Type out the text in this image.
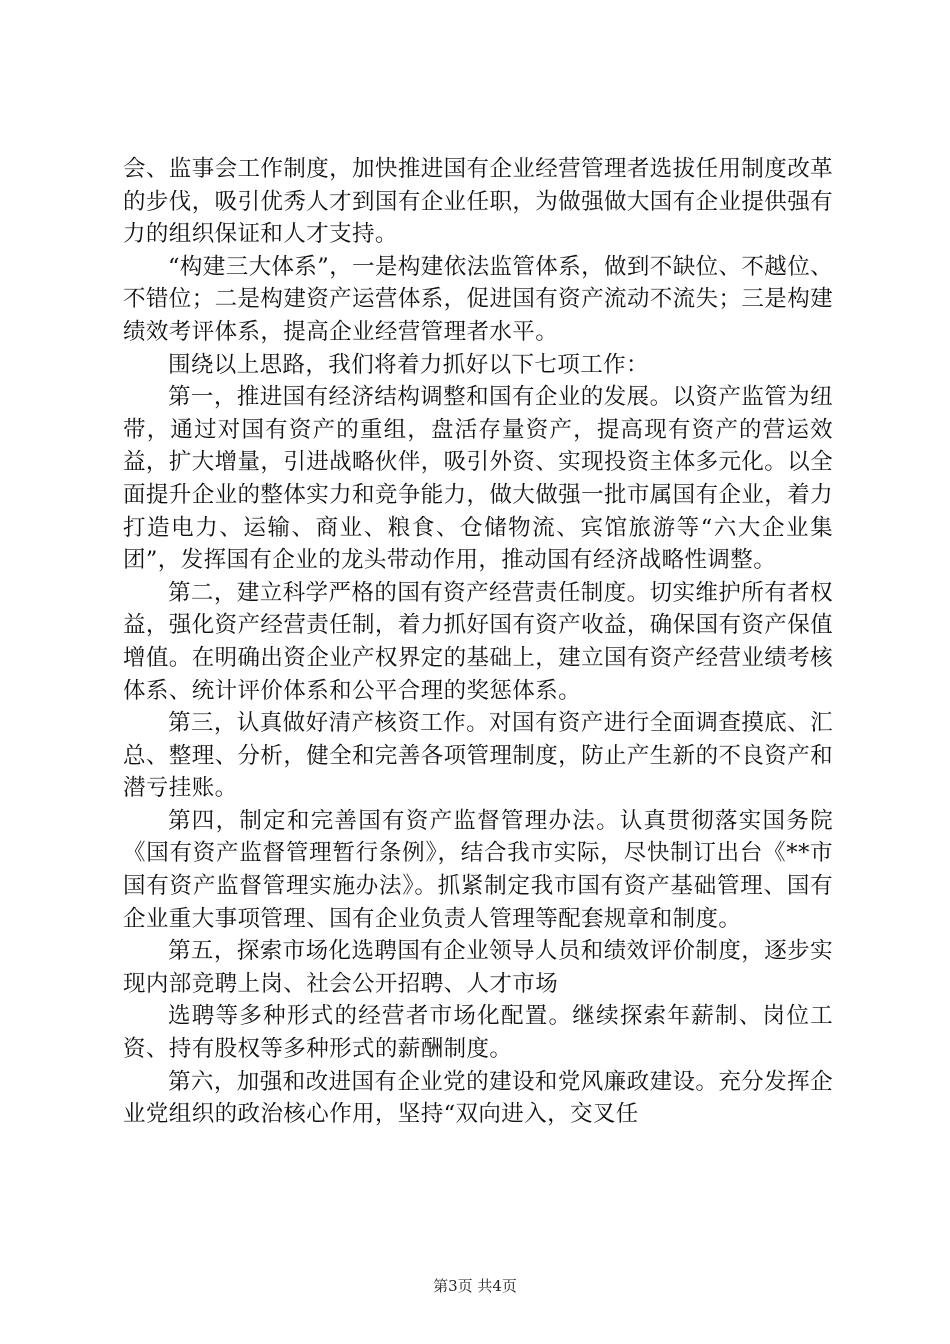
会、监事会工作制度，加快推进国有企业经营管理者选拔任用制度改革的步伐，吸引优秀人才到国有企业任职，为做强做大国有企业提供强有力的组织保证和人才支持。

“构建三大体系”，一是构建依法监管体系，做到不缺位、不越位、不错位；二是构建资产运营体系，促进国有资产流动不流失；三是构建绩效考评体系，提高企业经营管理者水平。

围绕以上思路，我们将着力抓好以下七项工作：

第一，推进国有经济结构调整和国有企业的发展。以资产监管为纽带，通过对国有资产的重组，盘活存量资产，提高现有资产的营运效益，扩大增量，引进战略伙伴，吸引外资、实现投资主体多元化。以全面提升企业的整体实力和竞争能力，做大做强一批市属国有企业，着力打造电力、运输、商业、粮食、仓储物流、宾馆旅游等“六大企业集团”，发挥国有企业的龙头带动作用，推动国有经济战略性调整。

第二，建立科学严格的国有资产经营责任制度。切实维护所有者权益，强化资产经营责任制，着力抓好国有资产收益，确保国有资产保值增值。在明确出资企业产权界定的基础上，建立国有资产经营业绩考核体系、统计评价体系和公平合理的奖惩体系。

第三，认真做好清产核资工作。对国有资产进行全面调查摸底、汇总、整理、分析，健全和完善各项管理制度，防止产生新的不良资产和潜亏挂账。

第四，制定和完善国有资产监督管理办法。认真贯彻落实国务院《国有资产监督管理暂行条例》，结合我市实际，尽快制订出台《**市国有资产监督管理实施办法》。抓紧制定我市国有资产基础管理、国有企业重大事项管理、国有企业负责人管理等配套规章和制度。

第五，探索市场化选聘国有企业领导人员和绩效评价制度，逐步实现内部竞聘上岗、社会公开招聘、人才市场

选聘等多种形式的经营者市场化配置。继续探索年薪制、岗位工资、持有股权等多种形式的薪酬制度。

第六，加强和改进国有企业党的建设和党风廉政建设。充分发挥企业党组织的政治核心作用，坚持“双向进入，交叉任

第3页 共4页
